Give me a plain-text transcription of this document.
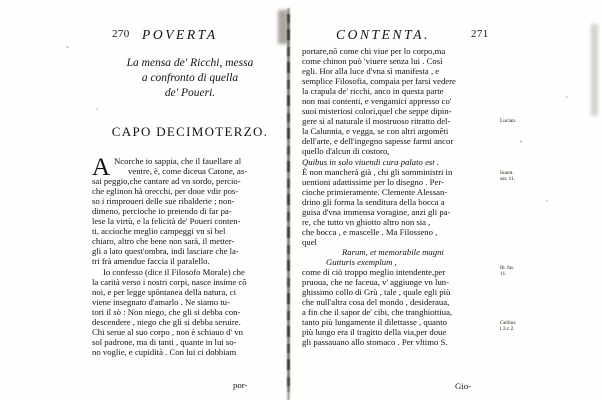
270 POVERTA
La mensa de' Ricchi, messa
a confronto di quella
de' Poueri.
CAPO DECIMOTERZO.
A Ncorche io sappia, che il fauellare al
ventre, è, come diceua Catone, as-
sai peggio,che cantare ad vn sordo, percio-
che eglinon hà orecchi, per doue vdir pos-
so i rimproueri delle sue ribalderie ; non-
dimeno, percioche io pretendo di far pa-
lese la virtù, e la felicità de' Poueri conten-
ti, accioche meglio campeggi vn sì bel
chiaro, altro che bene non sarà, il metter-
gli a lato quest'ombra, indi lasciare che la-
tri frà amendue faccia il paralello.
Io confesso (dice il Filosofo Morale) che
la carità verso i nostri corpi, nasce insime cō
noi, e per legge spōntanea della natura, ci
viene insegnato d'amarlo . Ne siamo tu-
tori il sò : Non niego, che gli si debba con-
descendere , niego che gli si debba seruire.
Chi serue al suo corpo , non è schiauo d' vn
sol padrone, ma di tanti , quante in lui so-
no voglie, e cupidità . Con lui ci dobbiam
por-
CONTENTA.	271
portare,nō come chi viue per lo corpo,ma
come chinon può 'viuere senza lui . Così
egli. Hor alla luce d'vna sì manifesta , e
semplice Filosofia, compaia per farsi vedere
la crapula de' ricchi, anco in questa parte
non mai contenti, e vengamici appresso co'
suoi misteriosi colori,quel che seppe dipin-
gere sì al naturale il mostruoso ritratto del-
la Calunnia, e vegga, se con altri argomēti
dell'arte, e dell'ingegno sapesse farmi ancor
quello d'alcun di costoro,
Quibus in solo viuendi cura palato est .
È non mancherà già , chi gli somministri in
uentioni adattissime per lo disegno . Per-
cioche primieramente. Clemente Alessan-
drino gli forma la senditura della bocca a
guisa d'vna immensa voragine, anzi gli pa-
re, che tutto vn ghiotto altro non sia ,
che bocca , e mascelle . Ma Filosseno ,
quel
Rarum, et memorabile magni
Gutturis exemplum ,
come di ciò troppo meglio intendente,per
pruoua, che ne faceua, v' aggiunge vn lun-
ghissimo collo di Grù , tale , quale egli più
che null'altra cosa del mondo , desideraua,
a fin che il sapor de' cibi, che tranghiottiua,
tanto più lungamente il dilettasse , quanto
più lungo era il tragitto della via,per doue
gli passauano allo stomaco . Per vltimo S.
Gio-
Lucian.
Iuuen.
sat. 11.
Ib. fat.
11.
Gellius
l.3.c.2.
